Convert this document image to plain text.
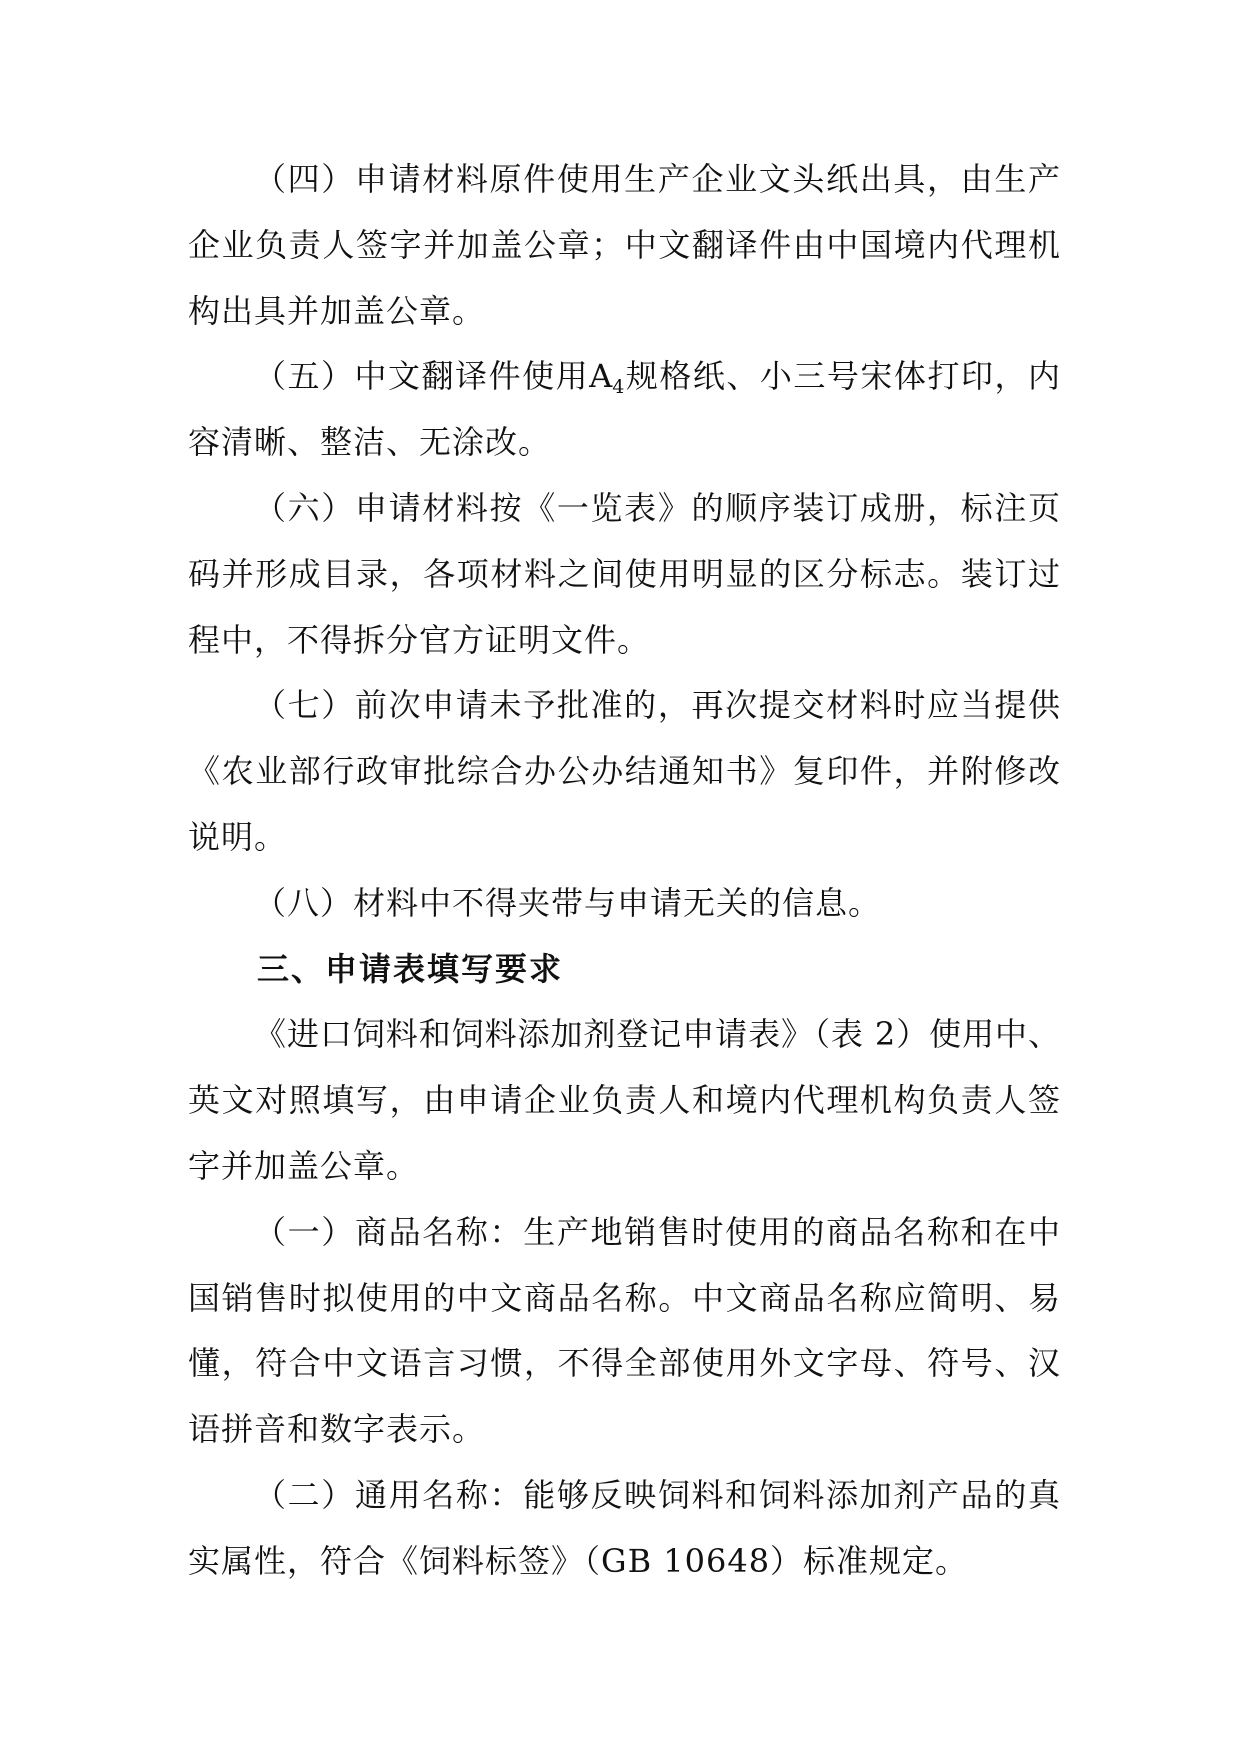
（四）申请材料原件使用生产企业文头纸出具，由生产
企业负责人签字并加盖公章；中文翻译件由中国境内代理机
构出具并加盖公章。
（五）中文翻译件使用$A_4$规格纸、小三号宋体打印，内
容清晰、整洁、无涂改。
（六）申请材料按《一览表》的顺序装订成册，标注页
码并形成目录，各项材料之间使用明显的区分标志。装订过
程中，不得拆分官方证明文件。
（七）前次申请未予批准的，再次提交材料时应当提供
《农业部行政审批综合办公办结通知书》复印件，并附修改
说明。
（八）材料中不得夹带与申请无关的信息。
三、申请表填写要求
《进口饲料和饲料添加剂登记申请表》（表 2）使用中、
英文对照填写，由申请企业负责人和境内代理机构负责人签
字并加盖公章。
（一）商品名称：生产地销售时使用的商品名称和在中
国销售时拟使用的中文商品名称。中文商品名称应简明、易
懂，符合中文语言习惯，不得全部使用外文字母、符号、汉
语拼音和数字表示。
（二）通用名称：能够反映饲料和饲料添加剂产品的真
实属性，符合《饲料标签》（GB 10648）标准规定。
